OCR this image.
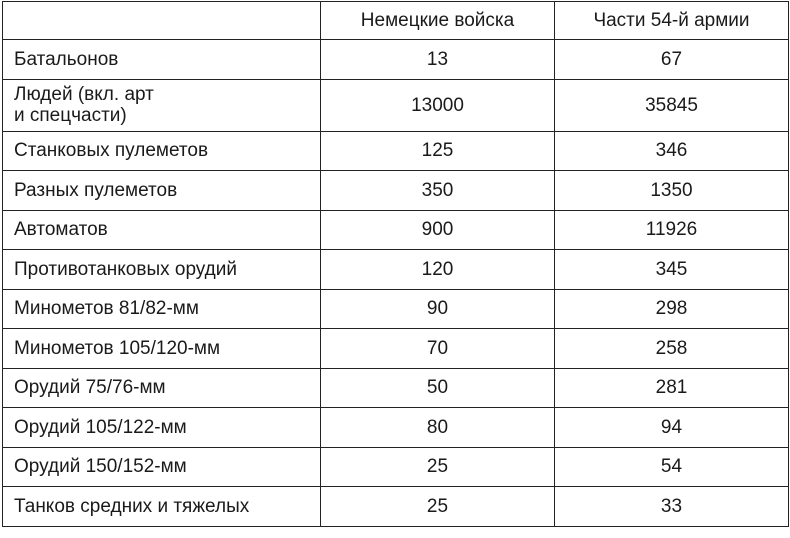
	Немецкие войска	Части 54-й армии

Батальонов	13	67

Людей (вкл. арт
и спецчасти)	13000	35845

Станковых пулеметов	125	346

Разных пулеметов	350	1350

Автоматов	900	11926

Противотанковых орудий	120	345

Минометов 81/82-мм	90	298

Минометов 105/120-мм	70	258

Орудий 75/76-мм	50	281

Орудий 105/122-мм	80	94

Орудий 150/152-мм	25	54

Танков средних и тяжелых	25	33
